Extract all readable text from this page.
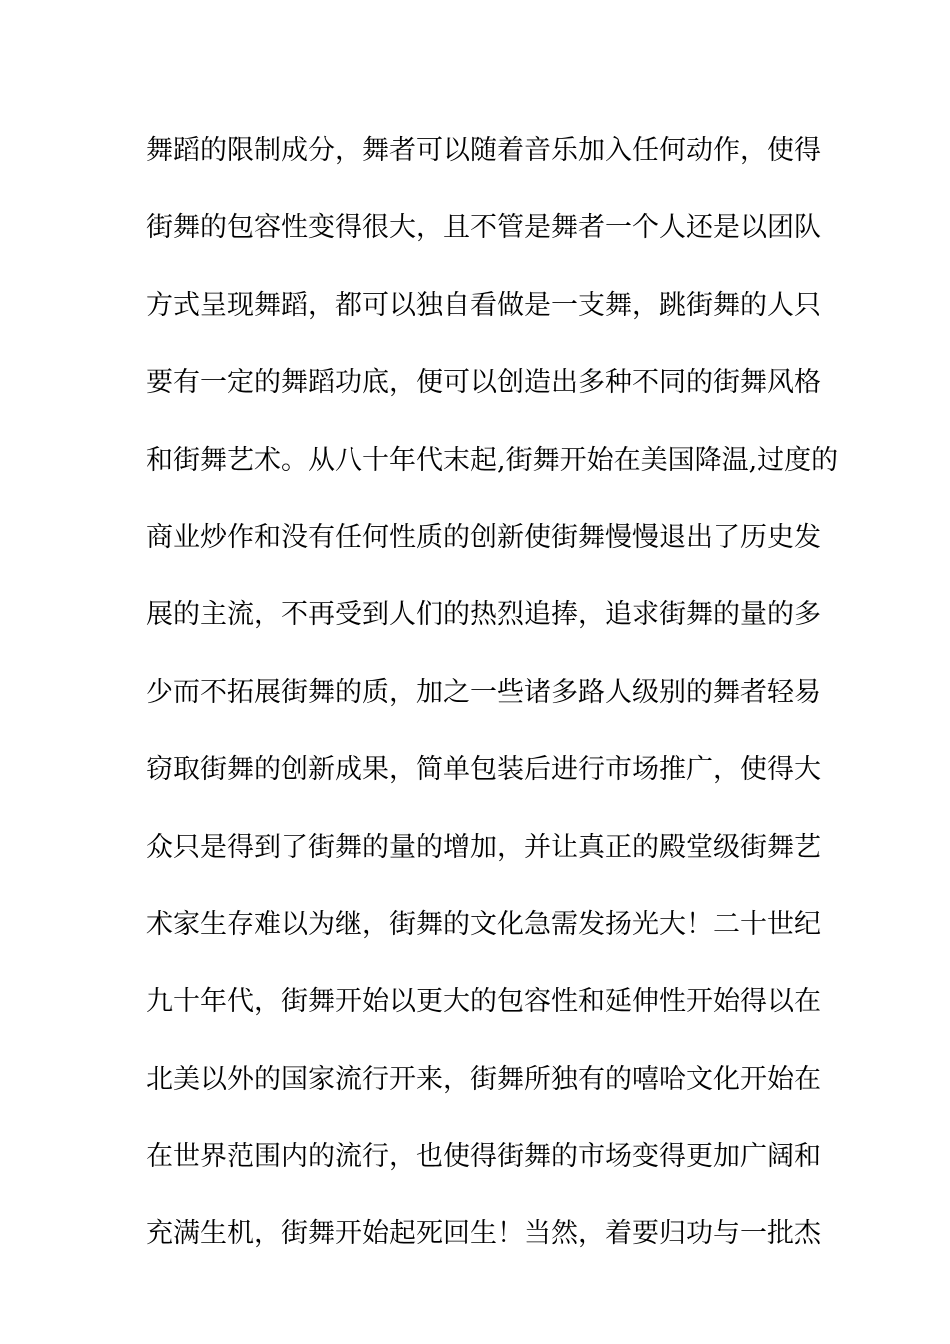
舞蹈的限制成分，舞者可以随着音乐加入任何动作，使得
街舞的包容性变得很大，且不管是舞者一个人还是以团队
方式呈现舞蹈，都可以独自看做是一支舞，跳街舞的人只
要有一定的舞蹈功底，便可以创造出多种不同的街舞风格
和街舞艺术。从八十年代末起,街舞开始在美国降温,过度的
商业炒作和没有任何性质的创新使街舞慢慢退出了历史发
展的主流，不再受到人们的热烈追捧，追求街舞的量的多
少而不拓展街舞的质，加之一些诸多路人级别的舞者轻易
窃取街舞的创新成果，简单包装后进行市场推广，使得大
众只是得到了街舞的量的增加，并让真正的殿堂级街舞艺
术家生存难以为继，街舞的文化急需发扬光大！二十世纪
九十年代，街舞开始以更大的包容性和延伸性开始得以在
北美以外的国家流行开来，街舞所独有的嘻哈文化开始在
在世界范围内的流行，也使得街舞的市场变得更加广阔和
充满生机，街舞开始起死回生！当然，着要归功与一批杰
